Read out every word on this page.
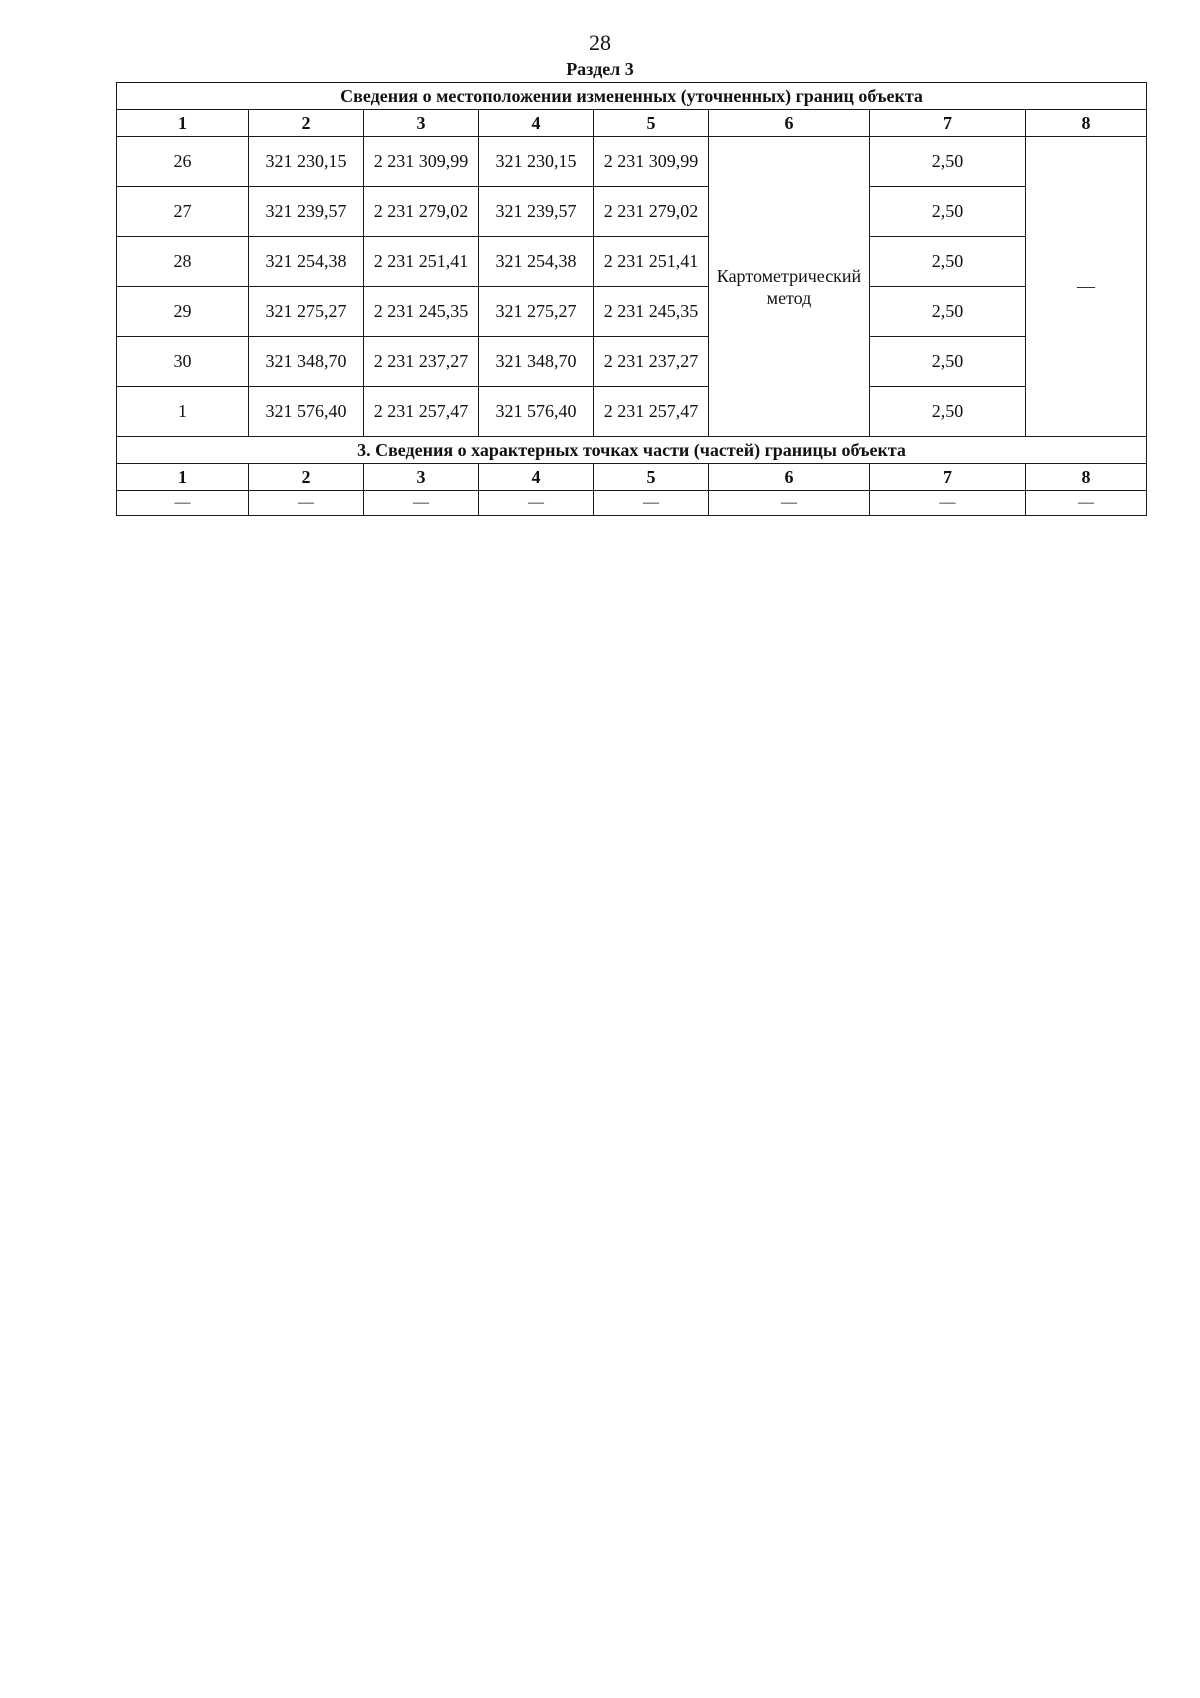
28
Раздел 3
Сведения о местоположении измененных (уточненных) границ объекта							
1	2	3	4	5	6	7	8
26	321 230,15	2 231 309,99	321 230,15	2 231 309,99	Картометрический метод	2,50	—
27	321 239,57	2 231 279,02	321 239,57	2 231 279,02		2,50	
28	321 254,38	2 231 251,41	321 254,38	2 231 251,41		2,50	
29	321 275,27	2 231 245,35	321 275,27	2 231 245,35		2,50	
30	321 348,70	2 231 237,27	321 348,70	2 231 237,27		2,50	
1	321 576,40	2 231 257,47	321 576,40	2 231 257,47		2,50	
3. Сведения о характерных точках части (частей) границы объекта							
1	2	3	4	5	6	7	8
—	—	—	—	—	—	—	—
